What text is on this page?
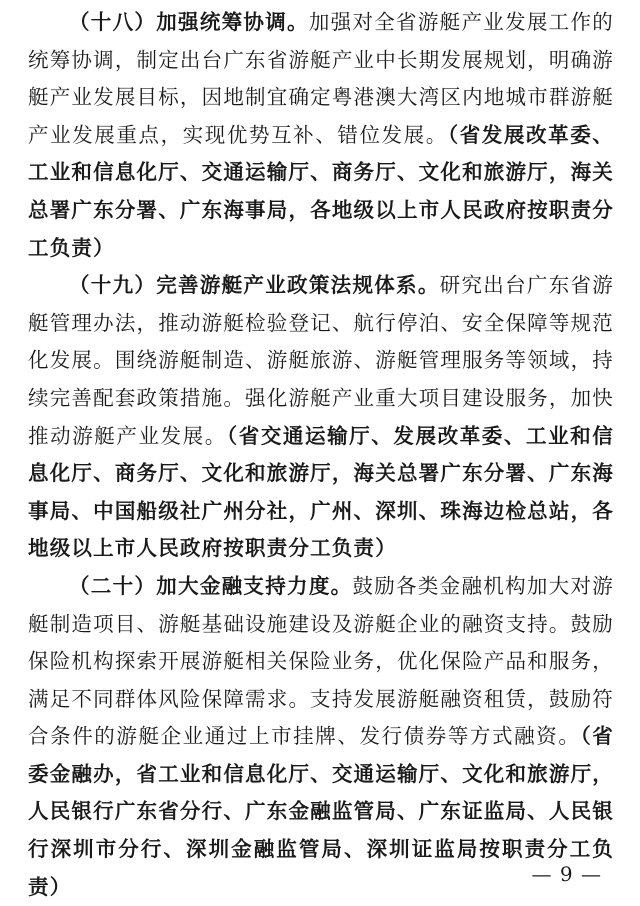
（十八）加强统筹协调。加强对全省游艇产业发展工作的统筹协调，制定出台广东省游艇产业中长期发展规划，明确游艇产业发展目标，因地制宜确定粤港澳大湾区内地城市群游艇产业发展重点，实现优势互补、错位发展。（省发展改革委、工业和信息化厅、交通运输厅、商务厅、文化和旅游厅，海关总署广东分署、广东海事局，各地级以上市人民政府按职责分工负责）

（十九）完善游艇产业政策法规体系。研究出台广东省游艇管理办法，推动游艇检验登记、航行停泊、安全保障等规范化发展。围绕游艇制造、游艇旅游、游艇管理服务等领域，持续完善配套政策措施。强化游艇产业重大项目建设服务，加快推动游艇产业发展。（省交通运输厅、发展改革委、工业和信息化厅、商务厅、文化和旅游厅，海关总署广东分署、广东海事局、中国船级社广州分社，广州、深圳、珠海边检总站，各地级以上市人民政府按职责分工负责）

（二十）加大金融支持力度。鼓励各类金融机构加大对游艇制造项目、游艇基础设施建设及游艇企业的融资支持。鼓励保险机构探索开展游艇相关保险业务，优化保险产品和服务，满足不同群体风险保障需求。支持发展游艇融资租赁，鼓励符合条件的游艇企业通过上市挂牌、发行债券等方式融资。（省委金融办，省工业和信息化厅、交通运输厅、文化和旅游厅，人民银行广东省分行、广东金融监管局、广东证监局、人民银行深圳市分行、深圳金融监管局、深圳证监局按职责分工负责）

— 9 —
